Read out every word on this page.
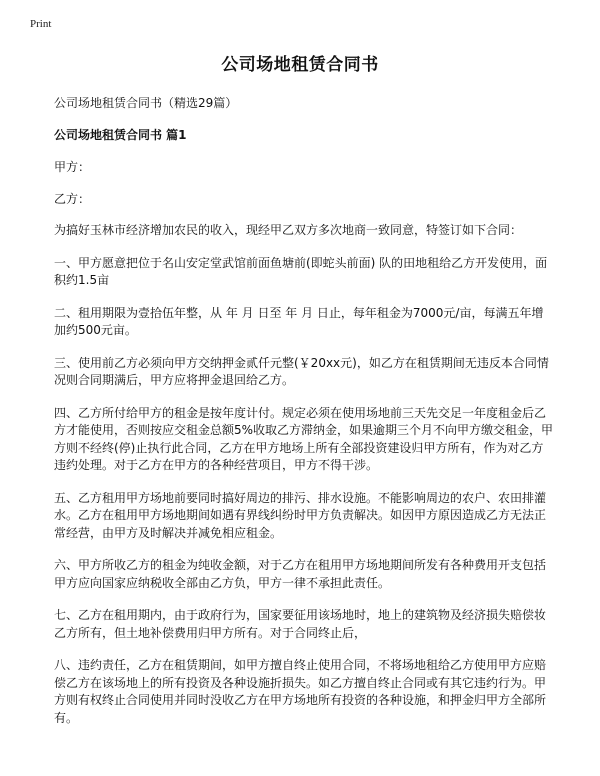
Print
公司场地租赁合同书

公司场地租赁合同书（精选29篇）

公司场地租赁合同书 篇1

甲方：

乙方：

为搞好玉林市经济增加农民的收入，现经甲乙双方多次地商一致同意，特签订如下合同：

一、甲方愿意把位于名山安定堂武馆前面鱼塘前(即蛇头前面) 队的田地租给乙方开发使用，面积约1.5亩

二、租用期限为壹拾伍年整，从 年 月 日至 年 月 日止，每年租金为7000元/亩，每满五年增加约500元亩。

三、使用前乙方必须向甲方交纳押金贰仟元整(￥20xx元)，如乙方在租赁期间无违反本合同情况则合同期满后，甲方应将押金退回给乙方。

四、乙方所付给甲方的租金是按年度计付。规定必须在使用场地前三天先交足一年度租金后乙方才能使用，否则按应交租金总额5%收取乙方滞纳金，如果逾期三个月不向甲方缴交租金，甲方则不经终(停)止执行此合同，乙方在甲方地场上所有全部投资建设归甲方所有，作为对乙方违约处理。对于乙方在甲方的各种经营项目，甲方不得干涉。

五、乙方租用甲方场地前要同时搞好周边的排污、排水设施。不能影响周边的农户、农田排灌水。乙方在租用甲方场地期间如遇有界线纠纷时甲方负责解决。如因甲方原因造成乙方无法正常经营，由甲方及时解决并减免相应租金。

六、甲方所收乙方的租金为纯收金额，对于乙方在租用甲方场地期间所发有各种费用开支包括甲方应向国家应纳税收全部由乙方负，甲方一律不承担此责任。

七、乙方在租用期内，由于政府行为，国家要征用该场地时，地上的建筑物及经济损失赔偿妆乙方所有，但土地补偿费用归甲方所有。对于合同终止后，

八、违约责任，乙方在租赁期间，如甲方擅自终止使用合同，不将场地租给乙方使用甲方应赔偿乙方在该场地上的所有投资及各种设施折损失。如乙方擅自终止合同或有其它违约行为。甲方则有权终止合同使用并同时没收乙方在甲方场地所有投资的各种设施，和押金归甲方全部所有。
